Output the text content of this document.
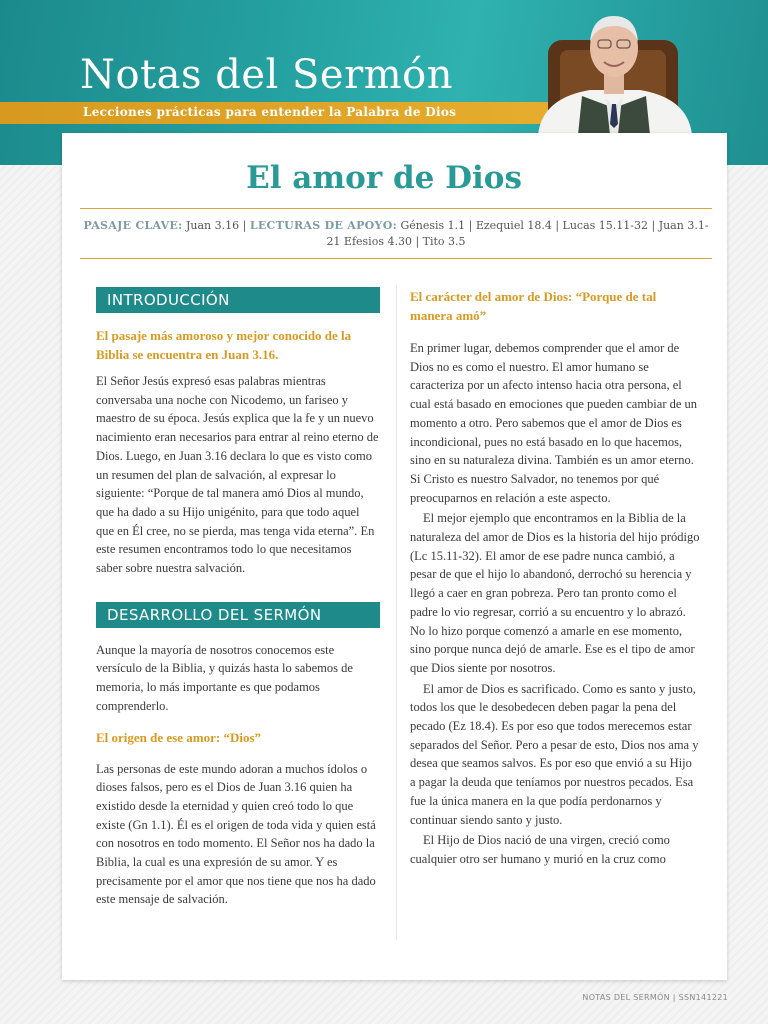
Notas del Sermón
Lecciones prácticas para entender la Palabra de Dios
El amor de Dios
PASAJE CLAVE: Juan 3.16 | LECTURAS DE APOYO: Génesis 1.1 | Ezequiel 18.4 | Lucas 15.11-32 | Juan 3.1-21 Efesios 4.30 | Tito 3.5
INTRODUCCIÓN
El pasaje más amoroso y mejor conocido de la Biblia se encuentra en Juan 3.16.

El Señor Jesús expresó esas palabras mientras conversaba una noche con Nicodemo, un fariseo y maestro de su época. Jesús explica que la fe y un nuevo nacimiento eran necesarios para entrar al reino eterno de Dios. Luego, en Juan 3.16 declara lo que es visto como un resumen del plan de salvación, al expresar lo siguiente: “Porque de tal manera amó Dios al mundo, que ha dado a su Hijo unigénito, para que todo aquel que en Él cree, no se pierda, mas tenga vida eterna”. En este resumen encontramos todo lo que necesitamos saber sobre nuestra salvación.

DESARROLLO DEL SERMÓN

Aunque la mayoría de nosotros conocemos este versículo de la Biblia, y quizás hasta lo sabemos de memoria, lo más importante es que podamos comprenderlo.

El origen de ese amor: “Dios”

Las personas de este mundo adoran a muchos ídolos o dioses falsos, pero es el Dios de Juan 3.16 quien ha existido desde la eternidad y quien creó todo lo que existe (Gn 1.1). Él es el origen de toda vida y quien está con nosotros en todo momento. El Señor nos ha dado la Biblia, la cual es una expresión de su amor. Y es precisamente por el amor que nos tiene que nos ha dado este mensaje de salvación.

El carácter del amor de Dios: “Porque de tal manera amó”

En primer lugar, debemos comprender que el amor de Dios no es como el nuestro. El amor humano se caracteriza por un afecto intenso hacia otra persona, el cual está basado en emociones que pueden cambiar de un momento a otro. Pero sabemos que el amor de Dios es incondicional, pues no está basado en lo que hacemos, sino en su naturaleza divina. También es un amor eterno. Si Cristo es nuestro Salvador, no tenemos por qué preocuparnos en relación a este aspecto.

El mejor ejemplo que encontramos en la Biblia de la naturaleza del amor de Dios es la historia del hijo pródigo (Lc 15.11-32). El amor de ese padre nunca cambió, a pesar de que el hijo lo abandonó, derrochó su herencia y llegó a caer en gran pobreza. Pero tan pronto como el padre lo vio regresar, corrió a su encuentro y lo abrazó. No lo hizo porque comenzó a amarle en ese momento, sino porque nunca dejó de amarle. Ese es el tipo de amor que Dios siente por nosotros.

El amor de Dios es sacrificado. Como es santo y justo, todos los que le desobedecen deben pagar la pena del pecado (Ez 18.4). Es por eso que todos merecemos estar separados del Señor. Pero a pesar de esto, Dios nos ama y desea que seamos salvos. Es por eso que envió a su Hijo a pagar la deuda que teníamos por nuestros pecados. Esa fue la única manera en la que podía perdonarnos y continuar siendo santo y justo.

El Hijo de Dios nació de una virgen, creció como cualquier otro ser humano y murió en la cruz como

NOTAS DEL SERMÓN | SSN141221
